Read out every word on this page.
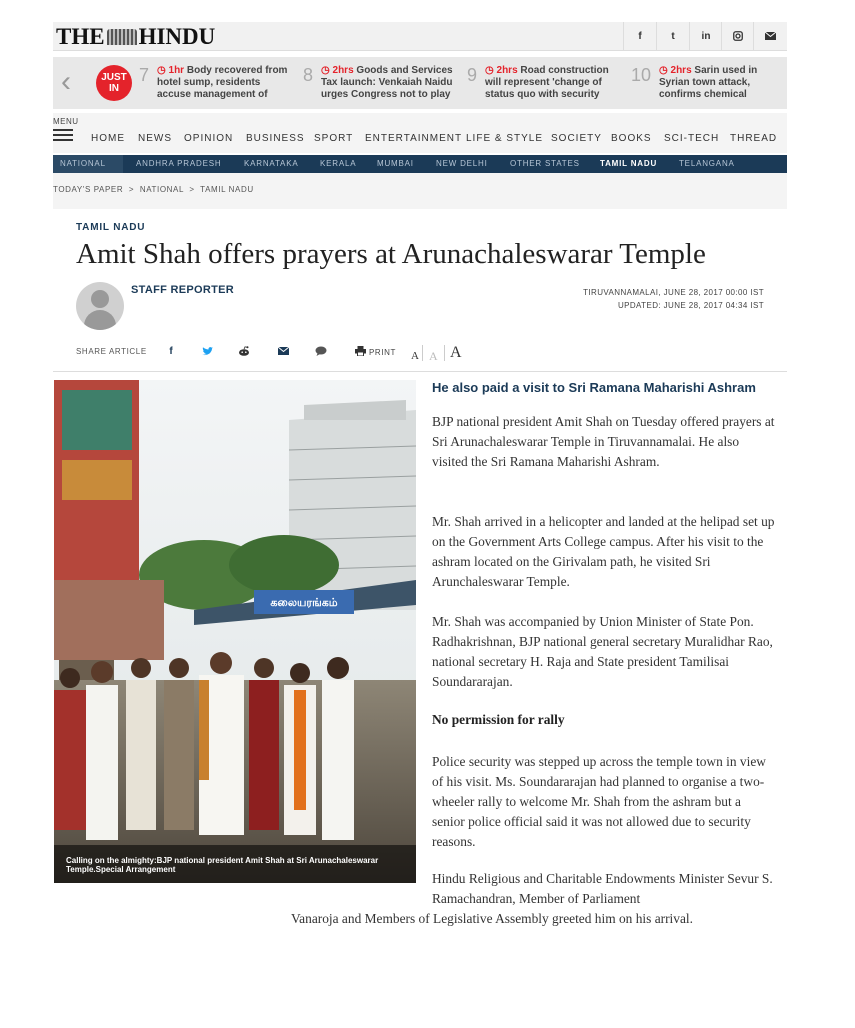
THE HINDU	f	t	in
‹	JUST IN
7 ◷ 1hr Body recovered from hotel sump, residents accuse management of
8 ◷ 2hrs Goods and Services Tax launch: Venkaiah Naidu urges Congress not to play
9 ◷ 2hrs Road construction will represent 'change of status quo with security
10 ◷ 2hrs Sarin used in Syrian town attack, confirms chemical
MENU
HOME NEWS OPINION BUSINESS SPORT ENTERTAINMENT LIFE & STYLE SOCIETY BOOKS SCI-TECH THREAD
NATIONAL	ANDHRA PRADESH	KARNATAKA	KERALA	MUMBAI	NEW DELHI	OTHER STATES	TAMIL NADU	TELANGANA
TODAY'S PAPER  >  NATIONAL  >  TAMIL NADU
TAMIL NADU
Amit Shah offers prayers at Arunachaleswarar Temple
STAFF REPORTER	TIRUVANNAMALAI, JUNE 28, 2017 00:00 IST
UPDATED: JUNE 28, 2017 04:34 IST
SHARE ARTICLE	f	PRINT A A A
கலையரங்கம்
Calling on the almighty:BJP national president Amit Shah at Sri Arunachaleswarar Temple.Special Arrangement
He also paid a visit to Sri Ramana Maharishi Ashram

BJP national president Amit Shah on Tuesday offered prayers at Sri Arunachaleswarar Temple in Tiruvannamalai. He also visited the Sri Ramana Maharishi Ashram.

Mr. Shah arrived in a helicopter and landed at the helipad set up on the Government Arts College campus. After his visit to the ashram located on the Girivalam path, he visited Sri Arunchaleswarar Temple.

Mr. Shah was accompanied by Union Minister of State Pon. Radhakrishnan, BJP national general secretary Muralidhar Rao, national secretary H. Raja and State president Tamilisai Soundararajan.

No permission for rally

Police security was stepped up across the temple town in view of his visit. Ms. Soundararajan had planned to organise a two-wheeler rally to welcome Mr. Shah from the ashram but a senior police official said it was not allowed due to security reasons.

Hindu Religious and Charitable Endowments Minister Sevur S. Ramachandran, Member of Parliament

Vanaroja and Members of Legislative Assembly greeted him on his arrival.
